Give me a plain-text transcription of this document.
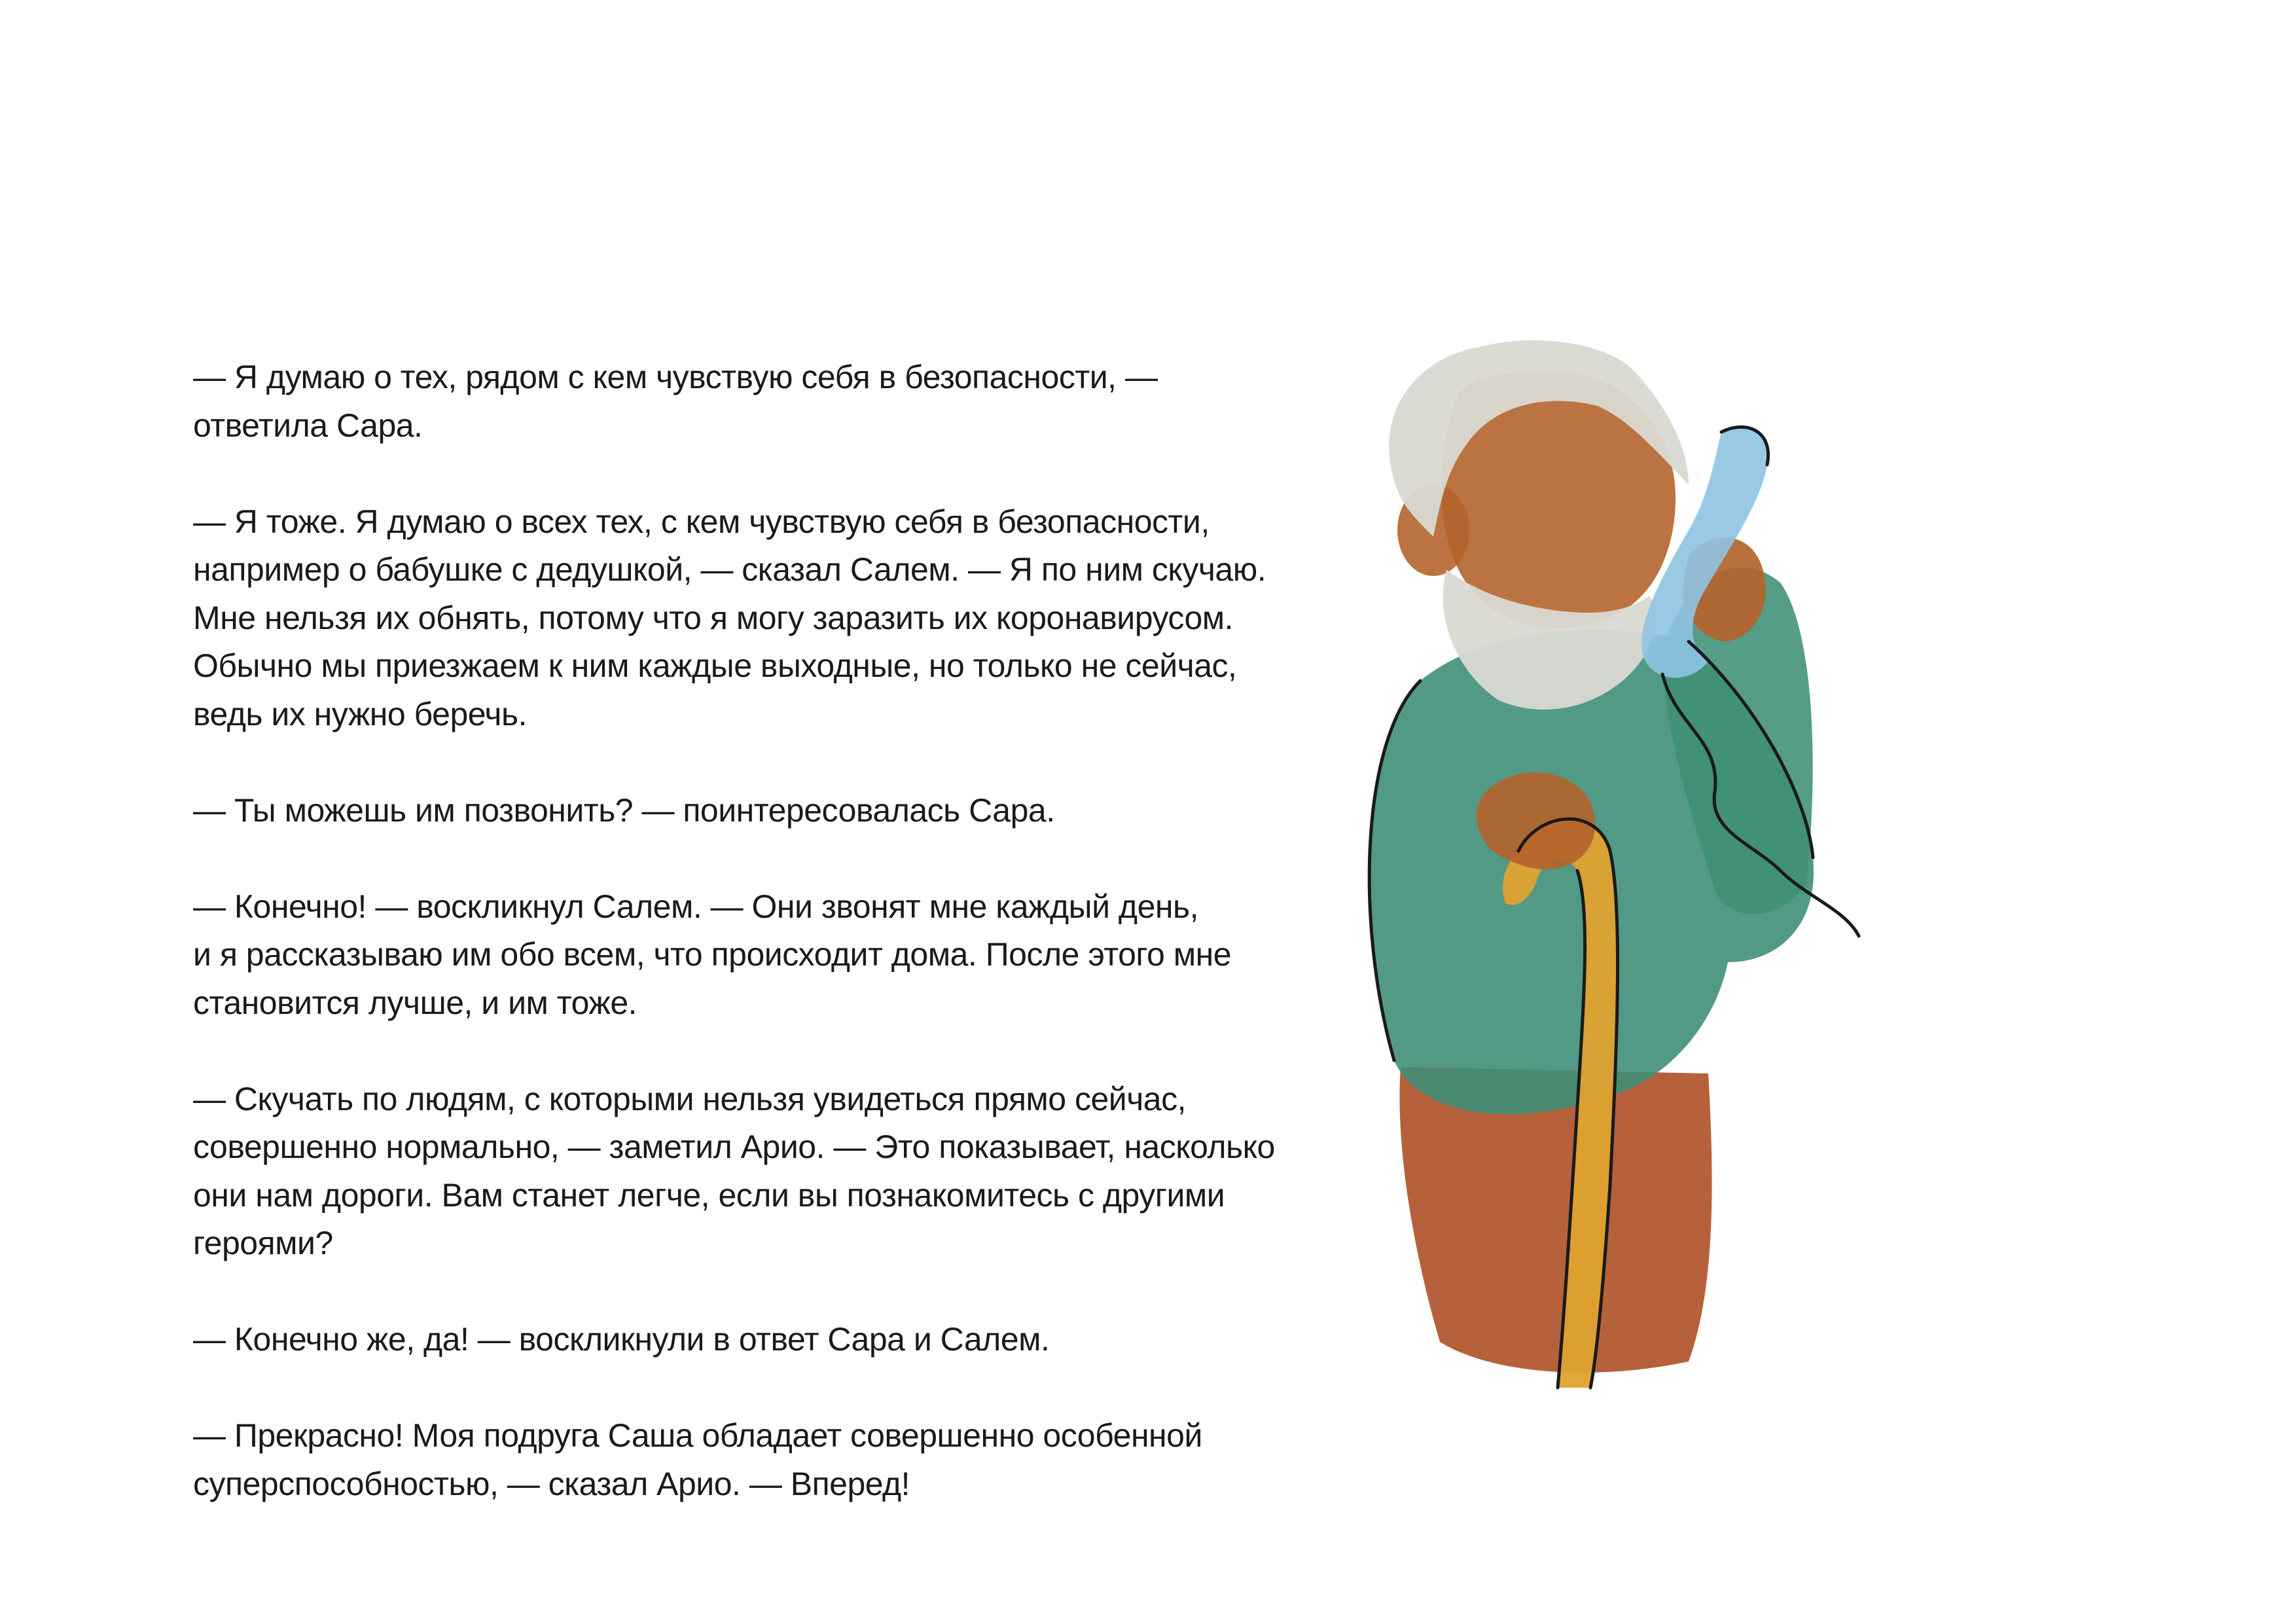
— Я думаю о тех, рядом с кем чувствую себя в безопасности, —
ответила Сара.

— Я тоже. Я думаю о всех тех, с кем чувствую себя в безопасности,
например о бабушке с дедушкой, — сказал Салем. — Я по ним скучаю.
Мне нельзя их обнять, потому что я могу заразить их коронавирусом.
Обычно мы приезжаем к ним каждые выходные, но только не сейчас,
ведь их нужно беречь.

— Ты можешь им позвонить? — поинтересовалась Сара.

— Конечно! — воскликнул Салем. — Они звонят мне каждый день,
и я рассказываю им обо всем, что происходит дома. После этого мне
становится лучше, и им тоже.

— Скучать по людям, с которыми нельзя увидеться прямо сейчас,
совершенно нормально, — заметил Арио. — Это показывает, насколько
они нам дороги. Вам станет легче, если вы познакомитесь с другими
героями?

— Конечно же, да! — воскликнули в ответ Сара и Салем.

— Прекрасно! Моя подруга Саша обладает совершенно особенной
суперспособностью, — сказал Арио. — Вперед!
